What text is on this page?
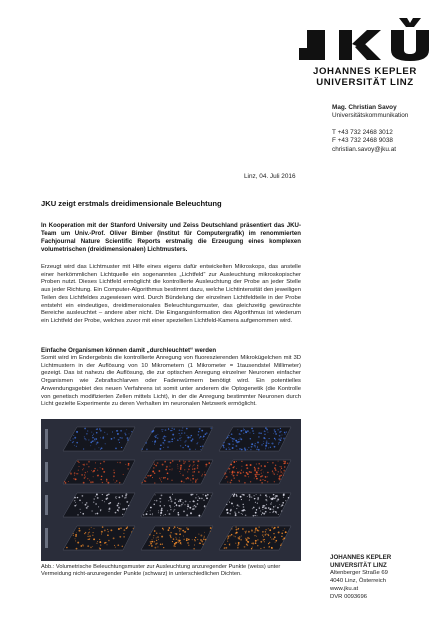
JOHANNES KEPLER
UNIVERSITÄT LINZ
Mag. Christian Savoy
Universitätskommunikation
T +43 732 2468 3012
F +43 732 2468 9038
christian.savoy@jku.at
Linz, 04. Juli 2016
JKU zeigt erstmals dreidimensionale Beleuchtung
In Kooperation mit der Stanford University und Zeiss Deutschland präsentiert das JKU-Team um Univ.-Prof. Oliver Bimber (Institut für Computergrafik) im renommierten Fachjournal Nature Scientific Reports erstmalig die Erzeugung eines komplexen volumetrischen (dreidimensionalen) Lichtmusters.
Erzeugt wird das Lichtmuster mit Hilfe eines eigens dafür entwickelten Mikroskops, das anstelle einer herkömmlichen Lichtquelle ein sogenanntes „Lichtfeld“ zur Ausleuchtung mikroskopischer Proben nutzt. Dieses Lichtfeld ermöglicht die kontrollierte Ausleuchtung der Probe an jeder Stelle aus jeder Richtung. Ein Computer-Algorithmus bestimmt dazu, welche Lichtintensität den jeweiligen Teilen des Lichtfeldes zugewiesen wird. Durch Bündelung der einzelnen Lichtfeldteile in der Probe entsteht ein eindeutiges, dreidimensionales Beleuchtungsmuster, das gleichzeitig gewünschte Bereiche ausleuchtet – andere aber nicht. Die Eingangsinformation des Algorithmus ist wiederum ein Lichtfeld der Probe, welches zuvor mit einer speziellen Lichtfeld-Kamera aufgenommen wird.
Einfache Organismen können damit „durchleuchtet“ werden
Somit wird im Endergebnis die kontrollierte Anregung von fluoreszierenden Mikrokügelchen mit 3D Lichtmustern in der Auflösung von 10 Mikrometern (1 Mikrometer = 1tausendstel Millimeter) gezeigt. Das ist nahezu die Auflösung, die zur optischen Anregung einzelner Neuronen einfacher Organismen wie Zebrafischlarven oder Fadenwürmern benötigt wird. Ein potentielles Anwendungsgebiet des neuen Verfahrens ist somit unter anderem die Optogenetik (die Kontrolle von genetisch modifizierten Zellen mittels Licht), in der die Anregung bestimmter Neuronen durch Licht gezielte Experimente zu deren Verhalten im neuronalen Netzwerk ermöglicht.
Abb.: Volumetrische Beleuchtungsmuster zur Ausleuchtung anzuregender Punkte (weiss) unter Vermeidung nicht-anzuregender Punkte (schwarz) in unterschiedlichen Dichten.
JOHANNES KEPLER
UNIVERSITÄT LINZ
Altenberger Straße 69
4040 Linz, Österreich
www.jku.at
DVR 0093696
